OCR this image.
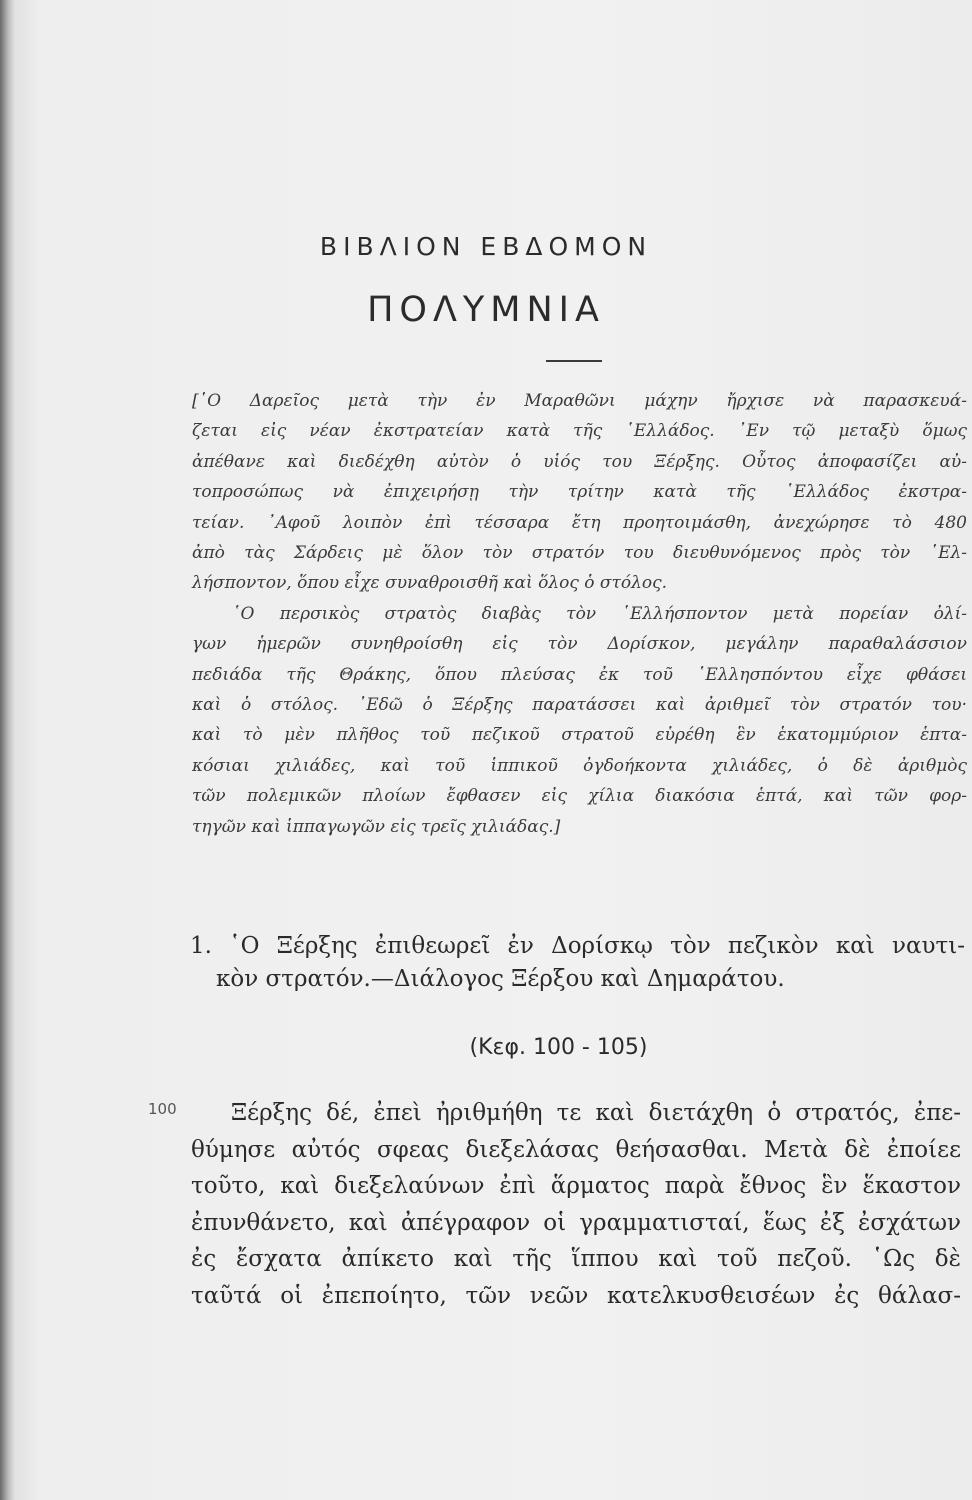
ΒΙΒΛΙΟΝ ΕΒΔΟΜΟΝ
ΠΟΛΥΜΝΙΑ
[῾Ο Δαρεῖος μετὰ τὴν ἐν Μαραθῶνι μάχην ἤρχισε νὰ παρασκευά-
ζεται εἰς νέαν ἐκστρατείαν κατὰ τῆς ῾Ελλάδος. ᾿Εν τῷ μεταξὺ ὅμως
ἀπέθανε καὶ διεδέχθη αὐτὸν ὁ υἱός του Ξέρξης. Οὗτος ἀποφασίζει αὐ-
τοπροσώπως νὰ ἐπιχειρήσῃ τὴν τρίτην κατὰ τῆς ῾Ελλάδος ἐκστρα-
τείαν. ᾿Αφοῦ λοιπὸν ἐπὶ τέσσαρα ἔτη προητοιμάσθη, ἀνεχώρησε τὸ 480
ἀπὸ τὰς Σάρδεις μὲ ὅλον τὸν στρατόν του διευθυνόμενος πρὸς τὸν ῾Ελ-
λήσποντον, ὅπου εἶχε συναθροισθῆ καὶ ὅλος ὁ στόλος.
῾Ο περσικὸς στρατὸς διαβὰς τὸν ῾Ελλήσποντον μετὰ πορείαν ὀλί-
γων ἡμερῶν συνηθροίσθη εἰς τὸν Δορίσκον, μεγάλην παραθαλάσσιον
πεδιάδα τῆς Θράκης, ὅπου πλεύσας ἐκ τοῦ ῾Ελλησπόντου εἶχε φθάσει
καὶ ὁ στόλος. ᾿Εδῶ ὁ Ξέρξης παρατάσσει καὶ ἀριθμεῖ τὸν στρατόν του·
καὶ τὸ μὲν πλῆθος τοῦ πεζικοῦ στρατοῦ εὑρέθη ἓν ἑκατομμύριον ἑπτα-
κόσιαι χιλιάδες, καὶ τοῦ ἱππικοῦ ὀγδοήκοντα χιλιάδες, ὁ δὲ ἀριθμὸς
τῶν πολεμικῶν πλοίων ἔφθασεν εἰς χίλια διακόσια ἑπτά, καὶ τῶν φορ-
τηγῶν καὶ ἱππαγωγῶν εἰς τρεῖς χιλιάδας.]
1. ῾Ο Ξέρξης ἐπιθεωρεῖ ἐν Δορίσκῳ τὸν πεζικὸν καὶ ναυτι-
κὸν στρατόν.—Διάλογος Ξέρξου καὶ Δημαράτου.
(Κεφ. 100 - 105)
100	Ξέρξης δέ, ἐπεὶ ἠριθμήθη τε καὶ διετάχθη ὁ στρατός, ἐπε-
θύμησε αὐτός σφεας διεξελάσας θεήσασθαι. Μετὰ δὲ ἐποίεε
τοῦτο, καὶ διεξελαύνων ἐπὶ ἅρματος παρὰ ἔθνος ἓν ἕκαστον
ἐπυνθάνετο, καὶ ἀπέγραφον οἱ γραμματισταί, ἕως ἐξ ἐσχάτων
ἐς ἔσχατα ἀπίκετο καὶ τῆς ἵππου καὶ τοῦ πεζοῦ. ῾Ως δὲ
ταῦτά οἱ ἐπεποίητο, τῶν νεῶν κατελκυσθεισέων ἐς θάλασ-
